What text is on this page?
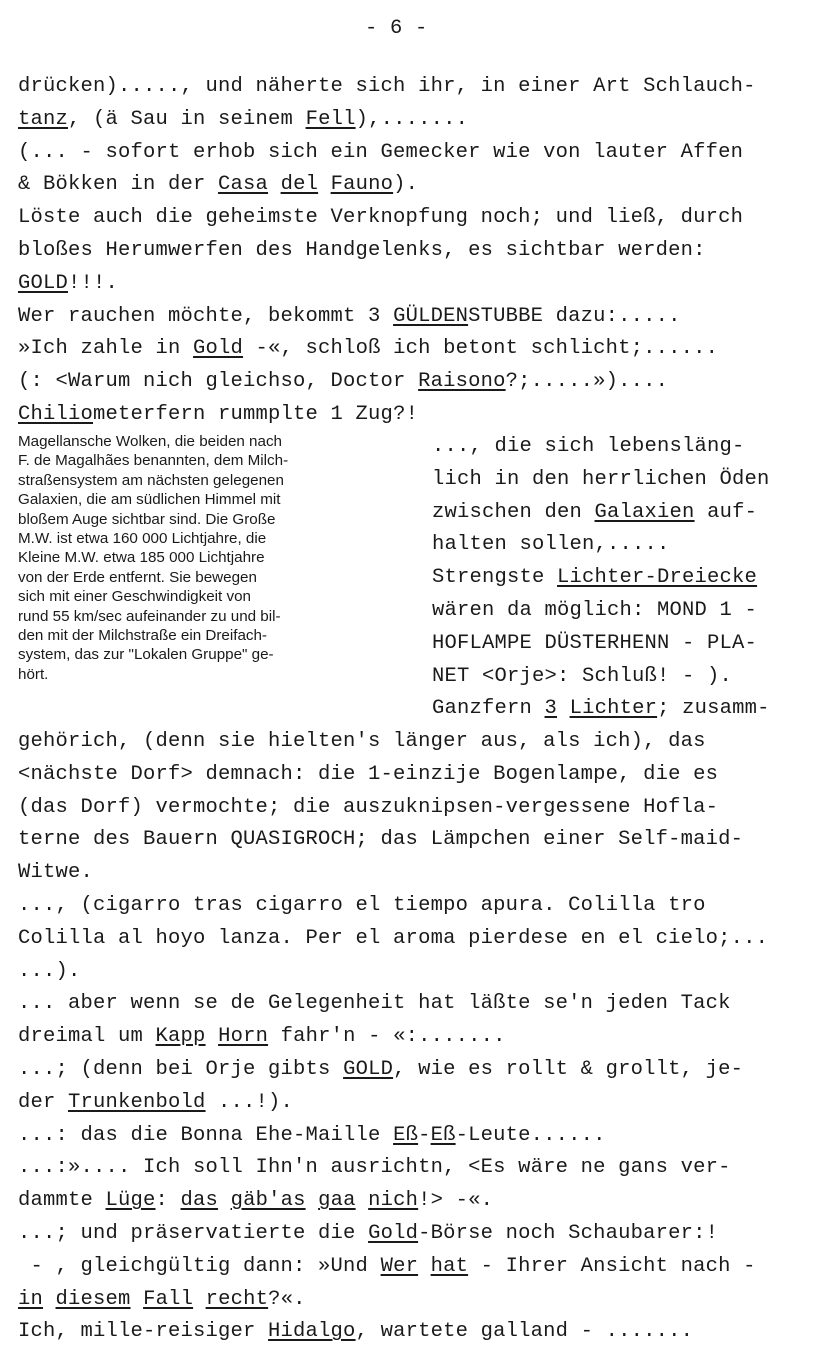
- 6 -
drücken)....., und näherte sich ihr, in einer Art Schlauch-
tanz, (ä Sau in seinem Fell),.......
(... - sofort erhob sich ein Gemecker wie von lauter Affen
& Bökken in der Casa del Fauno).
Löste auch die geheimste Verknopfung noch; und ließ, durch
bloßes Herumwerfen des Handgelenks, es sichtbar werden:
GOLD!!!.
Wer rauchen möchte, bekommt 3 GÜLDENSTUBBE dazu:.....
»Ich zahle in Gold -«, schloß ich betont schlicht;......
(: <Warum nich gleichso, Doctor Raisono?;.....»)....
Chiliometerfern rummplte 1 Zug?!
Magellansche Wolken, die beiden nach
F. de Magalhães benannten, dem Milch-
straßensystem am nächsten gelegenen
Galaxien, die am südlichen Himmel mit
bloßem Auge sichtbar sind. Die Große
M.W. ist etwa 160 000 Lichtjahre, die
Kleine M.W. etwa 185 000 Lichtjahre
von der Erde entfernt. Sie bewegen
sich mit einer Geschwindigkeit von
rund 55 km/sec aufeinander zu und bil-
den mit der Milchstraße ein Dreifach-
system, das zur "Lokalen Gruppe" ge-
hört.
..., die sich lebensläng-
lich in den herrlichen Öden
zwischen den Galaxien auf-
halten sollen,.....
Strengste Lichter-Dreiecke
wären da möglich: MOND 1 -
HOFLAMPE DÜSTERHENN - PLA-
NET <Orje>: Schluß! - ).
Ganzfern 3 Lichter; zusamm-
gehörich, (denn sie hielten's länger aus, als ich), das
<nächste Dorf> demnach: die 1-einzije Bogenlampe, die es
(das Dorf) vermochte; die auszuknipsen-vergessene Hofla-
terne des Bauern QUASIGROCH; das Lämpchen einer Self-maid-
Witwe.
..., (cigarro tras cigarro el tiempo apura. Colilla tro
Colilla al hoyo lanza. Per el aroma pierdese en el cielo;...
...).
... aber wenn se de Gelegenheit hat läßte se'n jeden Tack
dreimal um Kapp Horn fahr'n - «:.......
...; (denn bei Orje gibts GOLD, wie es rollt & grollt, je-
der Trunkenbold ...!).
...: das die Bonna Ehe-Maille Eß-Eß-Leute......
...:».... Ich soll Ihn'n ausrichtn, <Es wäre ne gans ver-
dammte Lüge: das gäb'as gaa nich!> -«.
...; und präservatierte die Gold-Börse noch Schaubarer:!
- , gleichgültig dann: »Und Wer hat - Ihrer Ansicht nach -
in diesem Fall recht?«.
Ich, mille-reisiger Hidalgo, wartete galland - .......
